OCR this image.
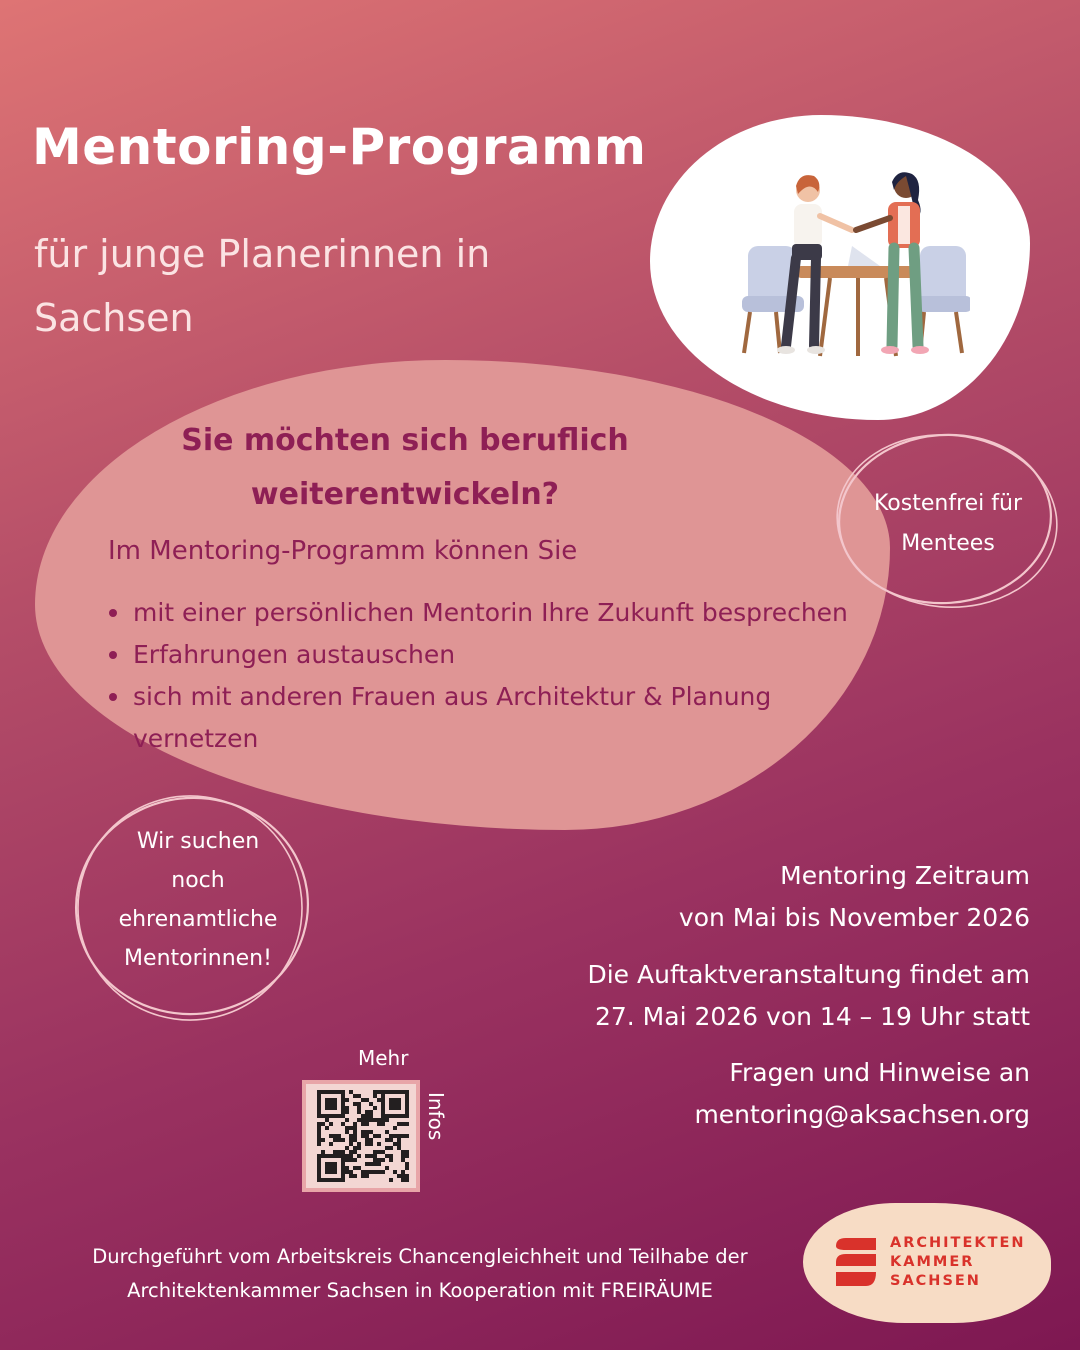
Mentoring-Programm

für junge Planerinnen in Sachsen

Sie möchten sich beruflich
weiterentwickeln?

Im Mentoring-Programm können Sie

mit einer persönlichen Mentorin Ihre Zukunft besprechen
Erfahrungen austauschen
sich mit anderen Frauen aus Architektur & Planung vernetzen

Kostenfrei für
Mentees

Wir suchen
noch
ehrenamtliche
Mentorinnen!

Mentoring Zeitraum
von Mai bis November 2026

Die Auftaktveranstaltung findet am
27. Mai 2026 von 14 – 19 Uhr statt

Fragen und Hinweise an
mentoring@aksachsen.org

Mehr

Infos

Durchgeführt vom Arbeitskreis Chancengleichheit und Teilhabe der
Architektenkammer Sachsen in Kooperation mit FREIRÄUME

ARCHITEKTEN
KAMMER
SACHSEN
